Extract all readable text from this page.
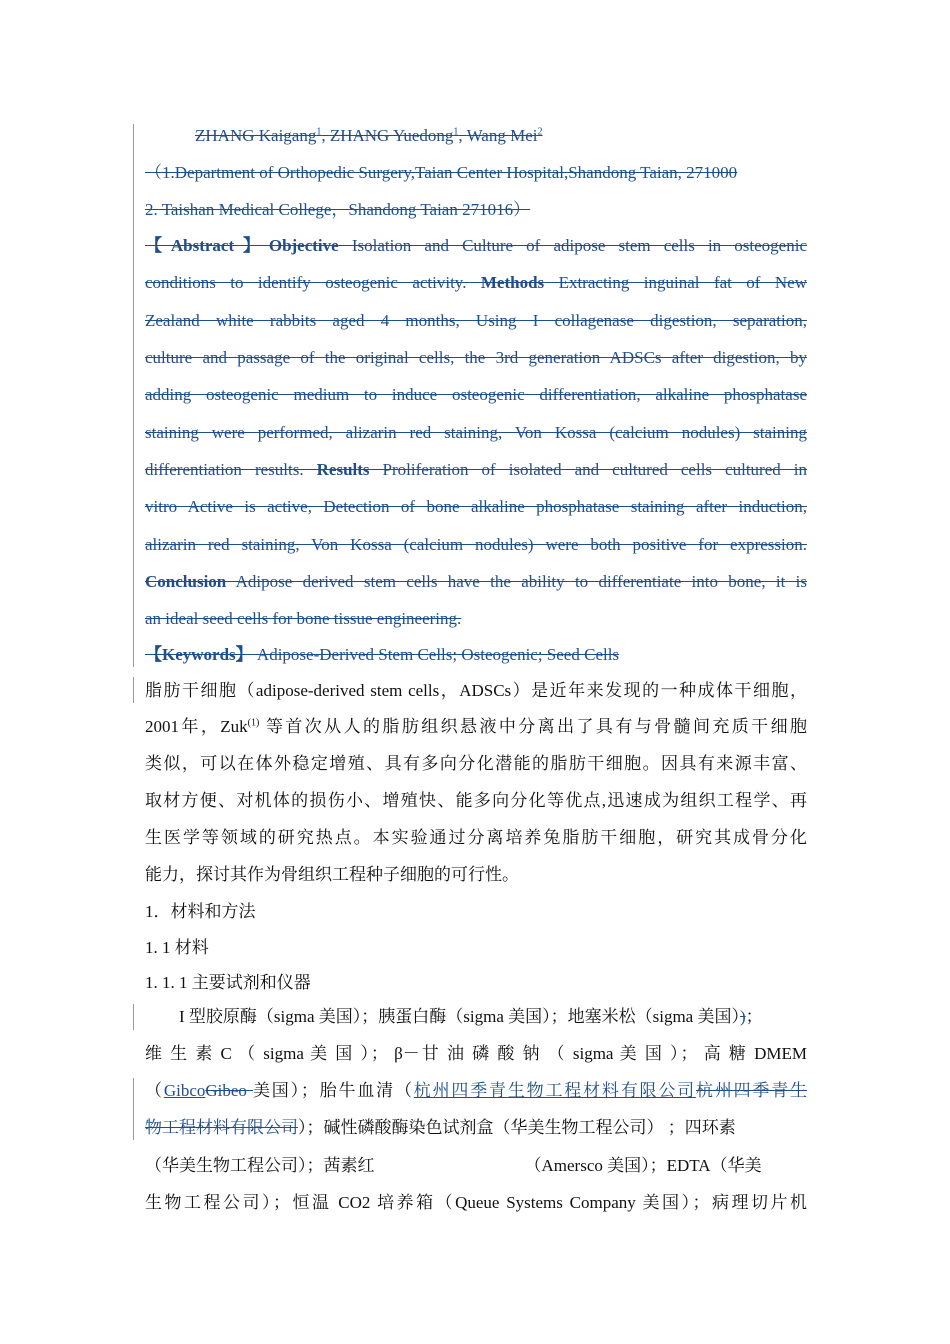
ZHANG Kaigang$^1$, ZHANG Yuedong$^1$, Wang Mei$^2$
（1.Department of Orthopedic Surgery,Taian Center Hospital,Shandong Taian, 271000
2. Taishan Medical College，Shandong Taian 271016）
【Abstract】Objective Isolation and Culture of adipose stem cells in osteogenic
conditions to identify osteogenic activity. Methods Extracting inguinal fat of New
Zealand white rabbits aged 4 months, Using I collagenase digestion, separation,
culture and passage of the original cells, the 3rd generation ADSCs after digestion, by
adding osteogenic medium to induce osteogenic differentiation, alkaline phosphatase
staining were performed, alizarin red staining, Von Kossa (calcium nodules) staining
differentiation results. Results Proliferation of isolated and cultured cells cultured in
vitro Active is active, Detection of bone alkaline phosphatase staining after induction,
alizarin red staining, Von Kossa (calcium nodules) were both positive for expression.
Conclusion Adipose derived stem cells have the ability to differentiate into bone, it is
an ideal seed cells for bone tissue engineering.
【Keywords】 Adipose-Derived Stem Cells; Osteogenic; Seed Cells
脂肪干细胞（adipose-derived stem cells，ADSCs）是近年来发现的一种成体干细胞，
2001年，Zuk$^{(1)}$ 等首次从人的脂肪组织悬液中分离出了具有与骨髓间充质干细胞
类似，可以在体外稳定增殖、具有多向分化潜能的脂肪干细胞。因具有来源丰富、
取材方便、对机体的损伤小、增殖快、能多向分化等优点,迅速成为组织工程学、再
生医学等领域的研究热点。本实验通过分离培养兔脂肪干细胞，研究其成骨分化
能力，探讨其作为骨组织工程种子细胞的可行性。
1．材料和方法
1. 1 材料
1. 1. 1 主要试剂和仪器
I 型胶原酶（sigma 美国）；胰蛋白酶（sigma 美国）；地塞米松（sigma 美国）)；
维 生 素 C （ sigma 美 国 ）； β－甘 油 磷 酸 钠 （ sigma 美 国 ）； 高 糖 DMEM
（GibcoGibeo 美国）；胎牛血清（杭州四季青生物工程材料有限公司杭州四季青生
物工程材料有限公司）；碱性磷酸酶染色试剂盒（华美生物工程公司） ；四环素
（华美生物工程公司）；茜素红	（Amersco 美国）；EDTA（华美
生物工程公司）；恒温 CO2 培养箱（Queue Systems Company 美国）；病理切片机
